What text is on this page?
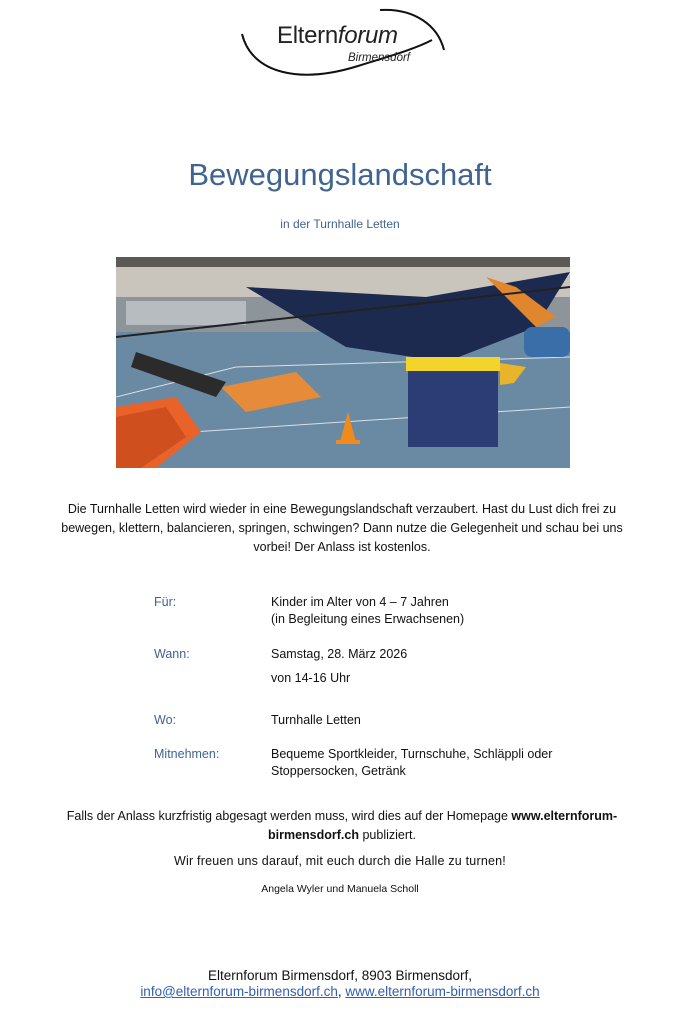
Elternforum
Birmensdorf
Bewegungslandschaft
in der Turnhalle Letten
Die Turnhalle Letten wird wieder in eine Bewegungslandschaft verzaubert. Hast du Lust dich frei zu bewegen, klettern, balancieren, springen, schwingen? Dann nutze die Gelegenheit und schau bei uns vorbei! Der Anlass ist kostenlos.
Für:	Kinder im Alter von 4 – 7 Jahren
(in Begleitung eines Erwachsenen)
Wann:	Samstag, 28. März 2026
von 14-16 Uhr
Wo:	Turnhalle Letten
Mitnehmen:	Bequeme Sportkleider, Turnschuhe, Schläppli oder
Stoppersocken, Getränk
Falls der Anlass kurzfristig abgesagt werden muss, wird dies auf der Homepage www.elternforum-birmensdorf.ch publiziert.
Wir freuen uns darauf, mit euch durch die Halle zu turnen!
Angela Wyler und Manuela Scholl
Elternforum Birmensdorf, 8903 Birmensdorf,
info@elternforum-birmensdorf.ch, www.elternforum-birmensdorf.ch
